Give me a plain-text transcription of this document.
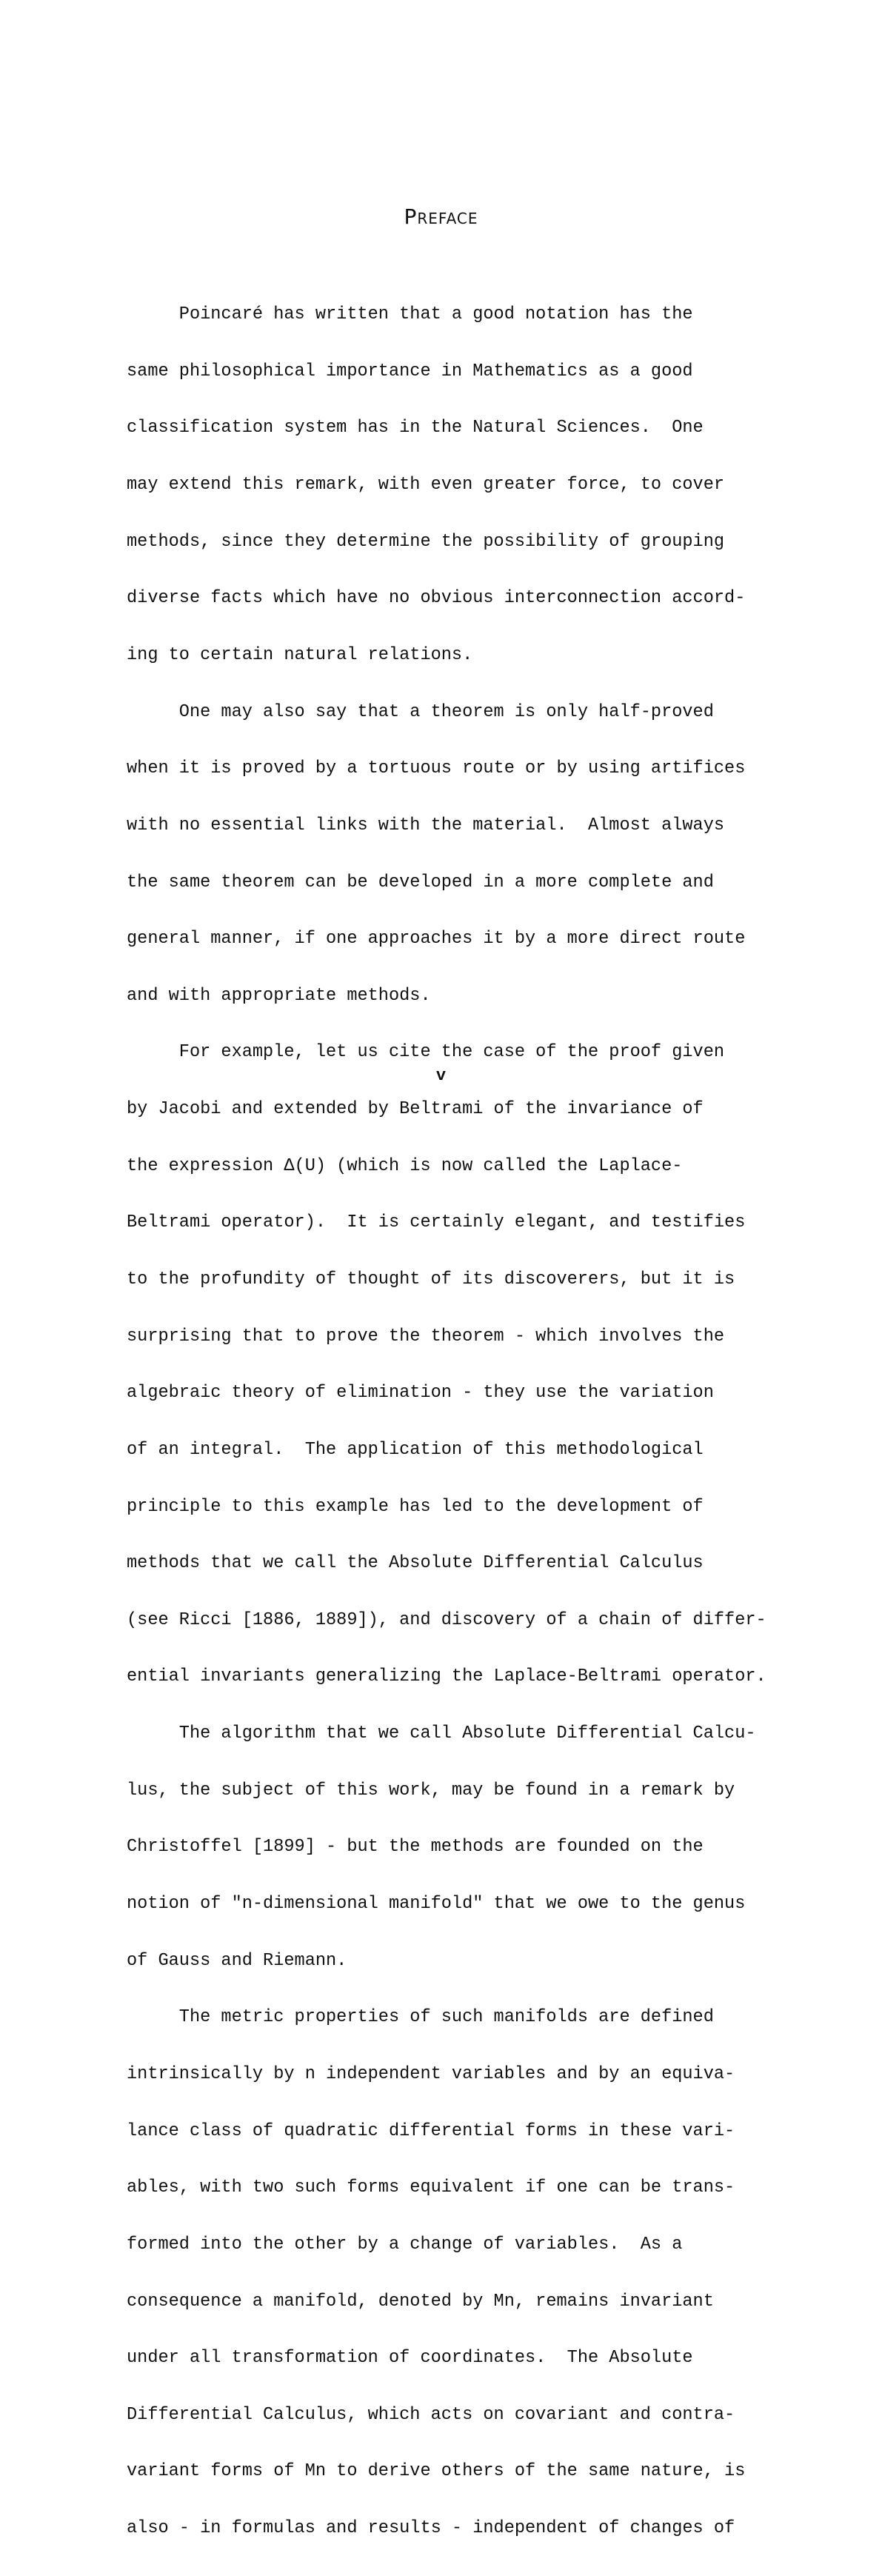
Preface

Poincaré has written that a good notation has the

same philosophical importance in Mathematics as a good

classification system has in the Natural Sciences.  One

may extend this remark, with even greater force, to cover

methods, since they determine the possibility of grouping

diverse facts which have no obvious interconnection accord-

ing to certain natural relations.

One may also say that a theorem is only half-proved

when it is proved by a tortuous route or by using artifices

with no essential links with the material.  Almost always

the same theorem can be developed in a more complete and

general manner, if one approaches it by a more direct route

and with appropriate methods.

For example, let us cite the case of the proof given

by Jacobi and extended by Beltrami of the invariance of

the expression Δ(U) (which is now called the Laplace-

Beltrami operator).  It is certainly elegant, and testifies

to the profundity of thought of its discoverers, but it is

surprising that to prove the theorem - which involves the

algebraic theory of elimination - they use the variation

of an integral.  The application of this methodological

principle to this example has led to the development of

methods that we call the Absolute Differential Calculus

(see Ricci [1886, 1889]), and discovery of a chain of differ-

ential invariants generalizing the Laplace-Beltrami operator.

The algorithm that we call Absolute Differential Calcu-

lus, the subject of this work, may be found in a remark by

Christoffel [1899] - but the methods are founded on the

notion of "n-dimensional manifold" that we owe to the genus

of Gauss and Riemann.

The metric properties of such manifolds are defined

intrinsically by n independent variables and by an equiva-

lance class of quadratic differential forms in these vari-

ables, with two such forms equivalent if one can be trans-

formed into the other by a change of variables.  As a

consequence a manifold, denoted by Mn, remains invariant

under all transformation of coordinates.  The Absolute

Differential Calculus, which acts on covariant and contra-

variant forms of Mn to derive others of the same nature, is

also - in formulas and results - independent of changes of

v
